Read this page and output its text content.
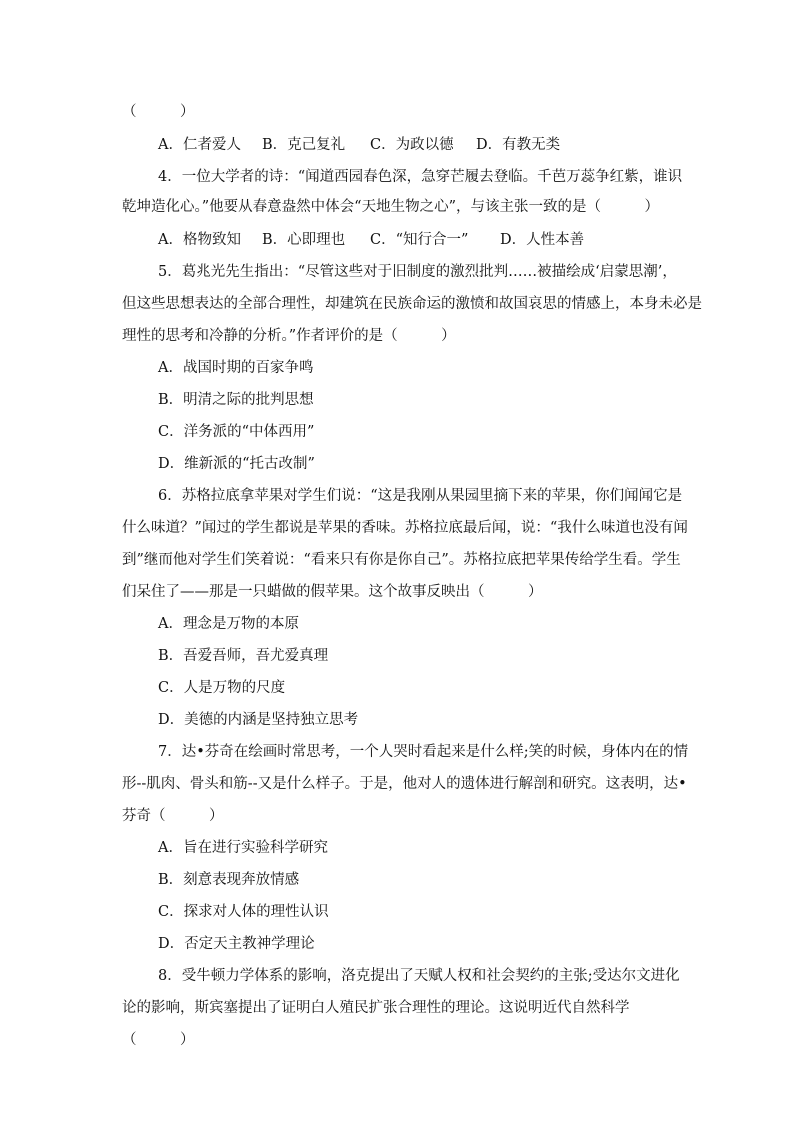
（　　　）
A．仁者爱人 B．克己复礼 C．为政以德 D．有教无类
4．一位大学者的诗：“闻道西园春色深，急穿芒履去登临。千芭万蕊争红紫，谁识
乾坤造化心。”他要从春意盎然中体会“天地生物之心”，与该主张一致的是（　　　）
A．格物致知 B．心即理也 C．“知行合一” D．人性本善
5．葛兆光先生指出：“尽管这些对于旧制度的激烈批判……被描绘成‘启蒙思潮’，
但这些思想表达的全部合理性，却建筑在民族命运的激愤和故国哀思的情感上，本身未必是
理性的思考和冷静的分析。”作者评价的是（　　　）
A．战国时期的百家争鸣
B．明清之际的批判思想
C．洋务派的“中体西用”
D．维新派的“托古改制”
6．苏格拉底拿苹果对学生们说：“这是我刚从果园里摘下来的苹果，你们闻闻它是
什么味道？”闻过的学生都说是苹果的香味。苏格拉底最后闻，说：“我什么味道也没有闻
到”继而他对学生们笑着说：“看来只有你是你自己”。苏格拉底把苹果传给学生看。学生
们呆住了——那是一只蜡做的假苹果。这个故事反映出（　　　）
A．理念是万物的本原
B．吾爱吾师，吾尤爱真理
C．人是万物的尺度
D．美德的内涵是坚持独立思考
7．达•芬奇在绘画时常思考，一个人哭时看起来是什么样;笑的时候，身体内在的情
形--肌肉、骨头和筋--又是什么样子。于是，他对人的遗体进行解剖和研究。这表明，达•
芬奇（　　　）
A．旨在进行实验科学研究
B．刻意表现奔放情感
C．探求对人体的理性认识
D．否定天主教神学理论
8．受牛顿力学体系的影响，洛克提出了天赋人权和社会契约的主张;受达尔文进化
论的影响，斯宾塞提出了证明白人殖民扩张合理性的理论。这说明近代自然科学
（　　　）
